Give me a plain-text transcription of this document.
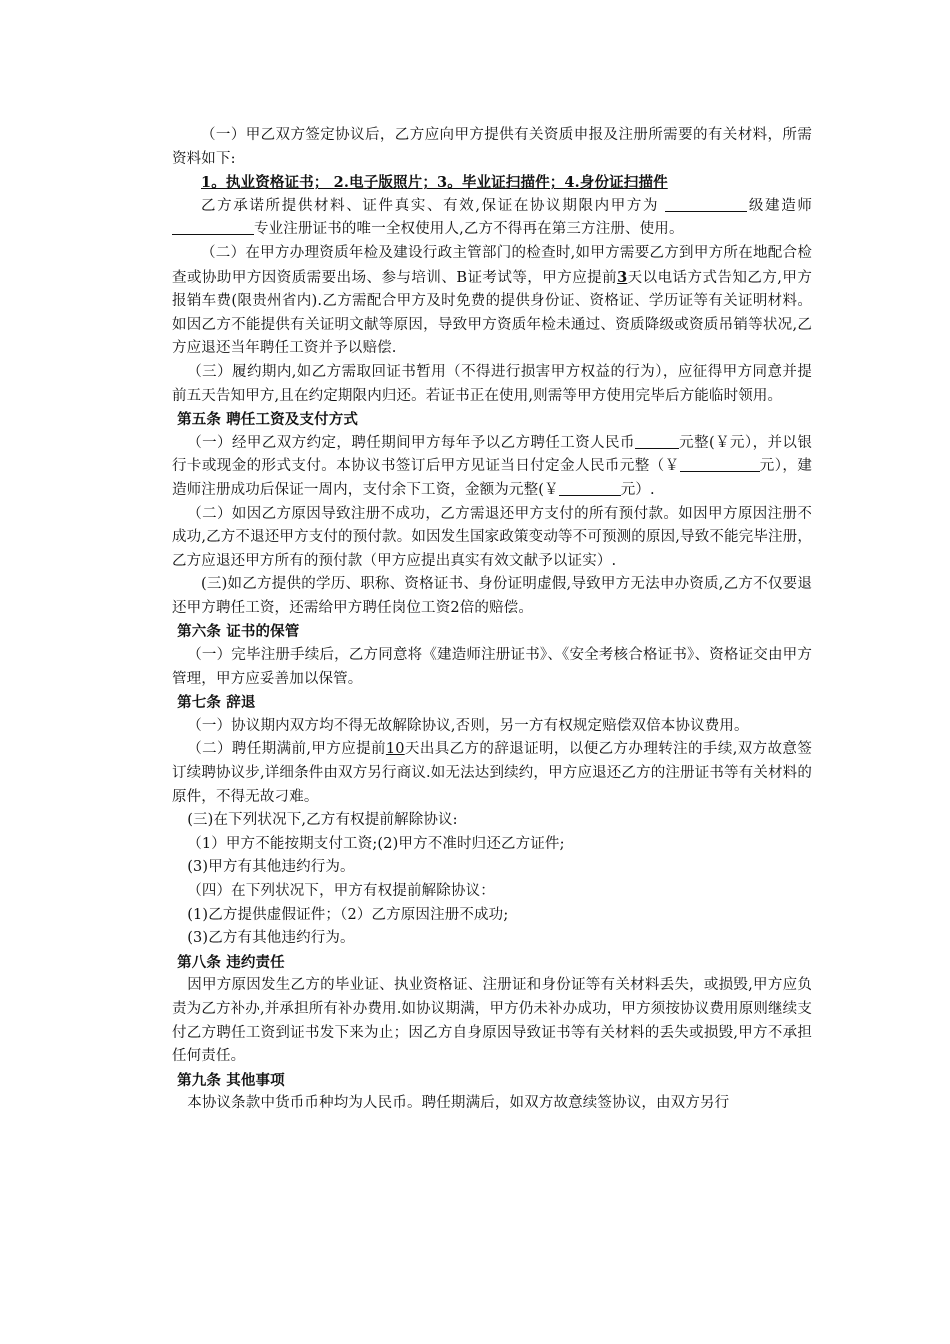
（一）甲乙双方签定协议后，乙方应向甲方提供有关资质申报及注册所需要的有关材料，所需资料如下:

1。执业资格证书； 2.电子版照片；3。毕业证扫描件；4.身份证扫描件

乙方承诺所提供材料、证件真实、有效,保证在协议期限内甲方为	级建造师专业注册证书的唯一全权使用人,乙方不得再在第三方注册、使用。

（二）在甲方办理资质年检及建设行政主管部门的检查时,如甲方需要乙方到甲方所在地配合检查或协助甲方因资质需要出场、参与培训、B证考试等，甲方应提前3天以电话方式告知乙方,甲方报销车费(限贵州省内).乙方需配合甲方及时免费的提供身份证、资格证、学历证等有关证明材料。如因乙方不能提供有关证明文献等原因，导致甲方资质年检未通过、资质降级或资质吊销等状况,乙方应退还当年聘任工资并予以赔偿.

（三）履约期内,如乙方需取回证书暂用（不得进行损害甲方权益的行为），应征得甲方同意并提前五天告知甲方,且在约定期限内归还。若证书正在使用,则需等甲方使用完毕后方能临时领用。

第五条 聘任工资及支付方式

（一）经甲乙双方约定，聘任期间甲方每年予以乙方聘任工资人民币	元整(￥元），并以银行卡或现金的形式支付。本协议书签订后甲方见证当日付定金人民币元整（￥	元），建造师注册成功后保证一周内，支付余下工资，金额为元整(￥	元）.

（二）如因乙方原因导致注册不成功，乙方需退还甲方支付的所有预付款。如因甲方原因注册不成功,乙方不退还甲方支付的预付款。如因发生国家政策变动等不可预测的原因,导致不能完毕注册，乙方应退还甲方所有的预付款（甲方应提出真实有效文献予以证实）.

(三)如乙方提供的学历、职称、资格证书、身份证明虚假,导致甲方无法申办资质,乙方不仅要退还甲方聘任工资，还需给甲方聘任岗位工资2倍的赔偿。

第六条 证书的保管

（一）完毕注册手续后，乙方同意将《建造师注册证书》、《安全考核合格证书》、资格证交由甲方管理，甲方应妥善加以保管。

第七条 辞退

（一）协议期内双方均不得无故解除协议,否则，另一方有权规定赔偿双倍本协议费用。

（二）聘任期满前,甲方应提前10天出具乙方的辞退证明，以便乙方办理转注的手续,双方故意签订续聘协议步,详细条件由双方另行商议.如无法达到续约，甲方应退还乙方的注册证书等有关材料的原件，不得无故刁难。

(三)在下列状况下,乙方有权提前解除协议:

（1）甲方不能按期支付工资;(2)甲方不准时归还乙方证件;

(3)甲方有其他违约行为。

（四）在下列状况下，甲方有权提前解除协议：

(1)乙方提供虚假证件；（2）乙方原因注册不成功;

(3)乙方有其他违约行为。

第八条 违约责任

因甲方原因发生乙方的毕业证、执业资格证、注册证和身份证等有关材料丢失，或损毁,甲方应负责为乙方补办,并承担所有补办费用.如协议期满，甲方仍未补办成功，甲方须按协议费用原则继续支付乙方聘任工资到证书发下来为止；因乙方自身原因导致证书等有关材料的丢失或损毁,甲方不承担任何责任。

第九条 其他事项

本协议条款中货币币种均为人民币。聘任期满后，如双方故意续签协议，由双方另行
